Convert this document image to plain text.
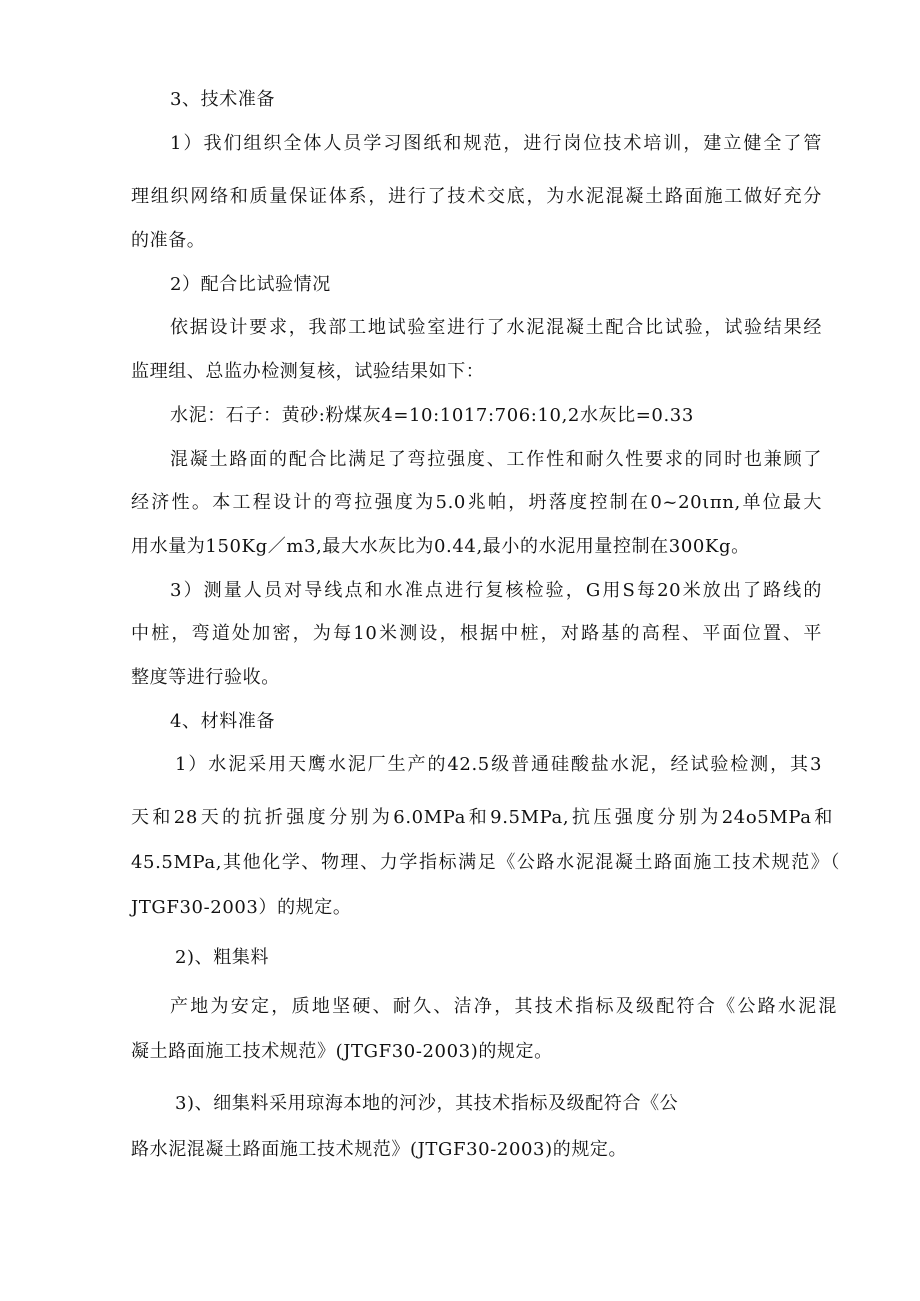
3、技术准备
1）我们组织全体人员学习图纸和规范，进行岗位技术培训，建立健全了管
理组织网络和质量保证体系，进行了技术交底，为水泥混凝土路面施工做好充分
的准备。
2）配合比试验情况
依据设计要求，我部工地试验室进行了水泥混凝土配合比试验，试验结果经
监理组、总监办检测复核，试验结果如下：
水泥：石子：黄砂:粉煤灰4=10:1017:706:10,2水灰比=0.33
混凝土路面的配合比满足了弯拉强度、工作性和耐久性要求的同时也兼顾了
经济性。本工程设计的弯拉强度为5.0兆帕，坍落度控制在0~20ιπn,单位最大
用水量为150Kg／m3,最大水灰比为0.44,最小的水泥用量控制在300Kg。
3）测量人员对导线点和水准点进行复核检验，G用S每20米放出了路线的
中桩，弯道处加密，为每10米测设，根据中桩，对路基的高程、平面位置、平
整度等进行验收。
4、材料准备
1）水泥采用天鹰水泥厂生产的42.5级普通硅酸盐水泥，经试验检测，其3
天和28天的抗折强度分别为6.0MPa和9.5MPa,抗压强度分别为24o5MPa和
45.5MPa,其他化学、物理、力学指标满足《公路水泥混凝土路面施工技术规范》（
JTGF30-2003）的规定。
2)、粗集料
产地为安定，质地坚硬、耐久、洁净，其技术指标及级配符合《公路水泥混
凝土路面施工技术规范》(JTGF30-2003)的规定。
3)、细集料采用琼海本地的河沙，其技术指标及级配符合《公
路水泥混凝土路面施工技术规范》(JTGF30-2003)的规定。
